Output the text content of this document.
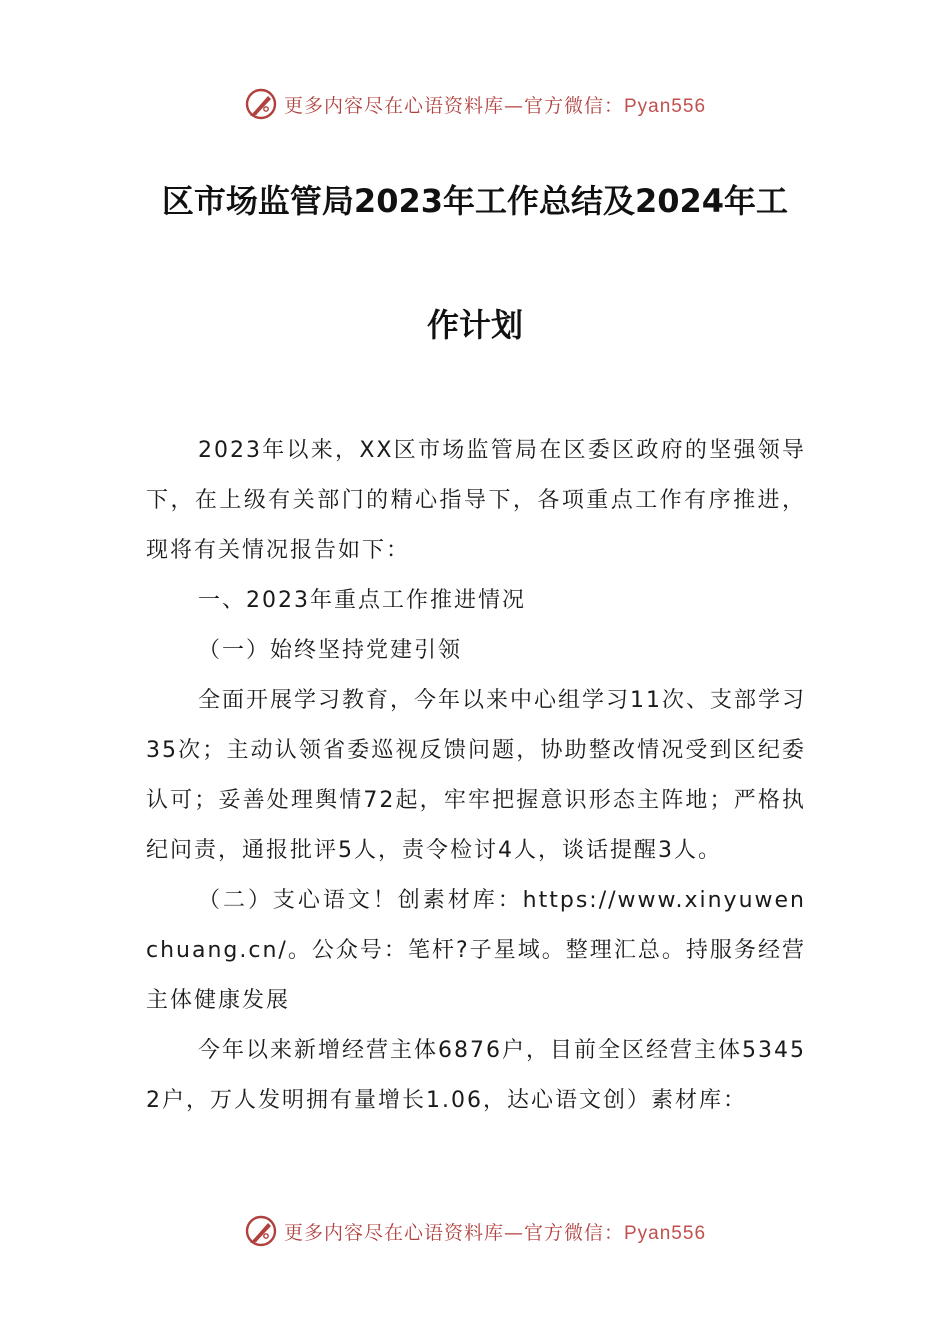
更多内容尽在心语资料库—官方微信：Pyan556
区市场监管局2023年工作总结及2024年工
作计划

2023年以来，XX区市场监管局在区委区政府的坚强领导下，在上级有关部门的精心指导下，各项重点工作有序推进，现将有关情况报告如下：

一、2023年重点工作推进情况

（一）始终坚持党建引领

全面开展学习教育，今年以来中心组学习11次、支部学习35次；主动认领省委巡视反馈问题，协助整改情况受到区纪委认可；妥善处理舆情72起，牢牢把握意识形态主阵地；严格执纪问责，通报批评5人，责令检讨4人，谈话提醒3人。

（二）支心语文！创素材库：https://www.xinyuwenchuang.cn/。公众号：笔杆?子星域。整理汇总。持服务经营主体健康发展

今年以来新增经营主体6876户，目前全区经营主体53452户，万人发明拥有量增长1.06，达心语文创）素材库：

更多内容尽在心语资料库—官方微信：Pyan556
